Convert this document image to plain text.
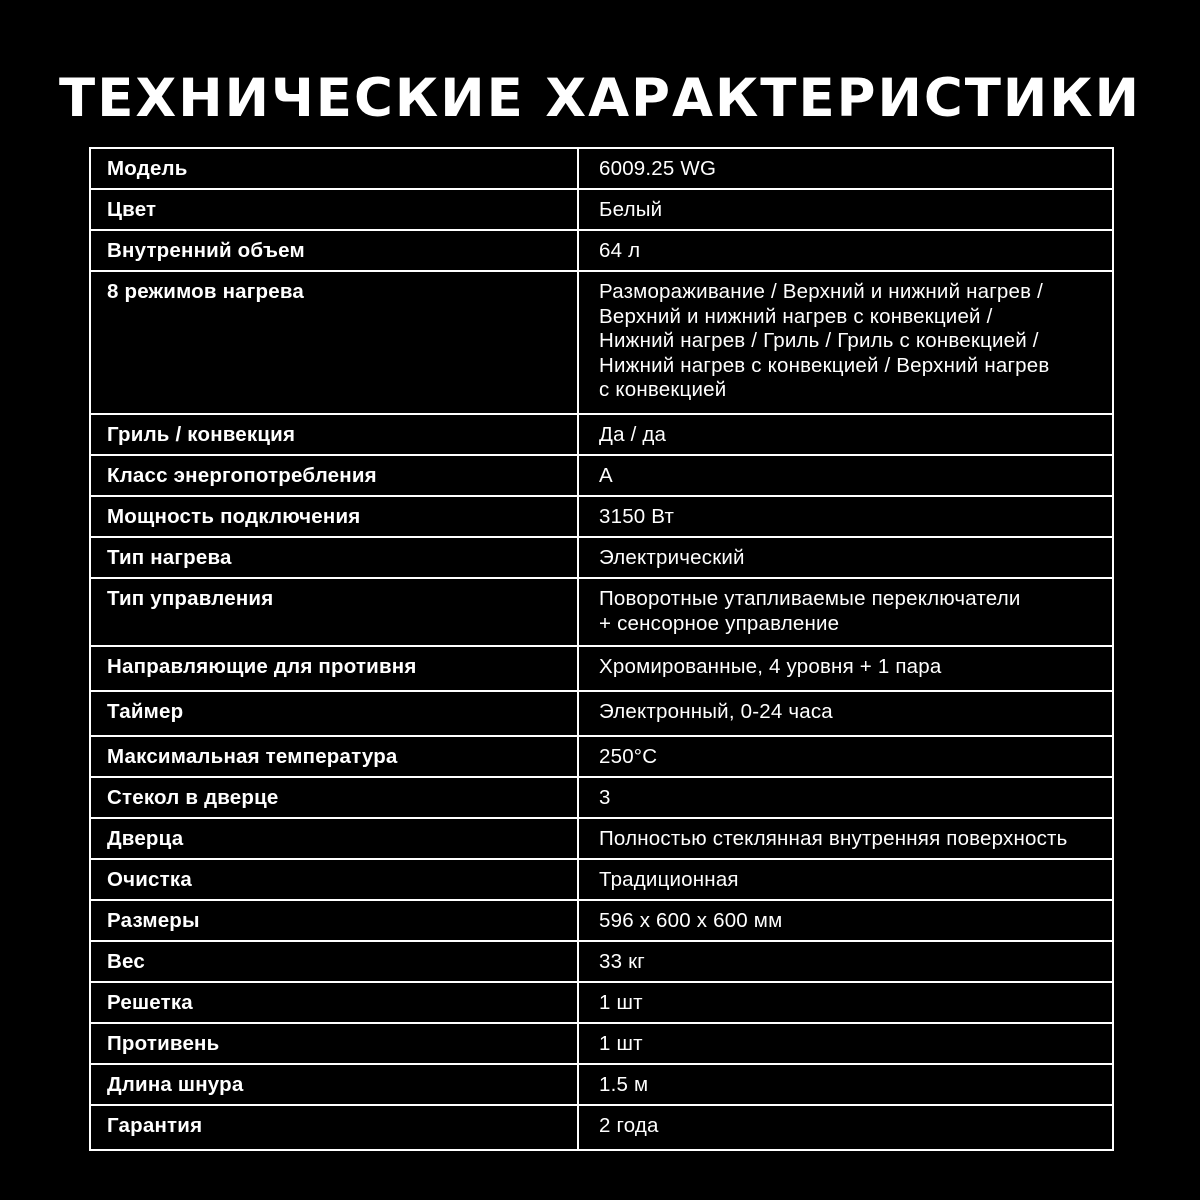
ТЕХНИЧЕСКИЕ ХАРАКТЕРИСТИКИ
Модель	6009.25 WG
Цвет	Белый
Внутренний объем	64 л
8 режимов нагрева	Размораживание / Верхний и нижний нагрев /
Верхний и нижний нагрев с конвекцией /
Нижний нагрев / Гриль / Гриль с конвекцией /
Нижний нагрев с конвекцией / Верхний нагрев
с конвекцией

Гриль / конвекция	Да / да
Класс энергопотребления	A
Мощность подключения	3150 Вт
Тип нагрева	Электрический
Тип управления	Поворотные утапливаемые переключатели
+ сенсорное управление

Направляющие для противня	Хромированные, 4 уровня + 1 пара
Таймер	Электронный, 0-24 часа
Максимальная температура	250°C
Стекол в дверце	3
Дверца	Полностью стеклянная внутренняя поверхность
Очистка	Традиционная
Размеры	596 x 600 x 600 мм
Вес	33 кг
Решетка	1 шт
Противень	1 шт
Длина шнура	1.5 м
Гарантия	2 года
